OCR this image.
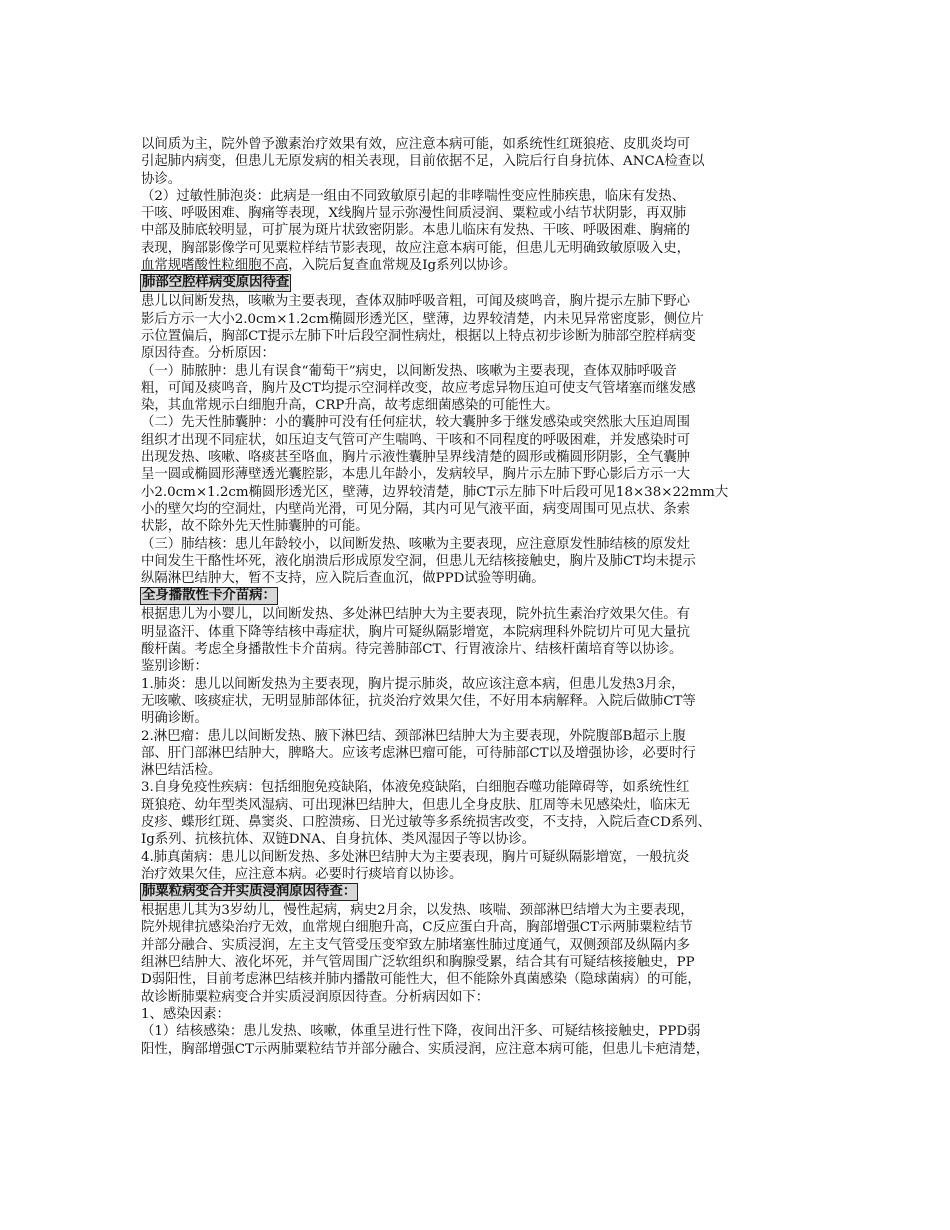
以间质为主，院外曾予激素治疗效果有效，应注意本病可能，如系统性红斑狼疮、皮肌炎均可
引起肺内病变，但患儿无原发病的相关表现，目前依据不足，入院后行自身抗体、ANCA检查以
协诊。
（2）过敏性肺泡炎：此病是一组由不同致敏原引起的非哮喘性变应性肺疾患，临床有发热、
干咳、呼吸困难、胸痛等表现，X线胸片显示弥漫性间质浸润、粟粒或小结节状阴影，再双肺
中部及肺底较明显，可扩展为斑片状致密阴影。本患儿临床有发热、干咳、呼吸困难、胸痛的
表现，胸部影像学可见粟粒样结节影表现，故应注意本病可能，但患儿无明确致敏原吸入史，
血常规嗜酸性粒细胞不高，入院后复查血常规及Ig系列以协诊。
肺部空腔样病变原因待查
患儿以间断发热，咳嗽为主要表现，查体双肺呼吸音粗，可闻及痰鸣音，胸片提示左肺下野心
影后方示一大小2.0cm×1.2cm椭圆形透光区，壁薄，边界较清楚，内未见异常密度影，侧位片
示位置偏后，胸部CT提示左肺下叶后段空洞性病灶，根据以上特点初步诊断为肺部空腔样病变
原因待查。分析原因：
（一）肺脓肿：患儿有误食“葡萄干”病史，以间断发热、咳嗽为主要表现，查体双肺呼吸音
粗，可闻及痰鸣音，胸片及CT均提示空洞样改变，故应考虑异物压迫可使支气管堵塞而继发感
染，其血常规示白细胞升高，CRP升高，故考虑细菌感染的可能性大。
（二）先天性肺囊肿：小的囊肿可没有任何症状，较大囊肿多于继发感染或突然胀大压迫周围
组织才出现不同症状，如压迫支气管可产生喘鸣、干咳和不同程度的呼吸困难，并发感染时可
出现发热、咳嗽、咯痰甚至咯血，胸片示液性囊肿呈界线清楚的圆形或椭圆形阴影，全气囊肿
呈一圆或椭圆形薄壁透光囊腔影，本患儿年龄小，发病较早，胸片示左肺下野心影后方示一大
小2.0cm×1.2cm椭圆形透光区，壁薄，边界较清楚，肺CT示左肺下叶后段可见18×38×22mm大
小的壁欠均的空洞灶，内壁尚光滑，可见分隔，其内可见气液平面，病变周围可见点状、条索
状影，故不除外先天性肺囊肿的可能。
（三）肺结核：患儿年龄较小，以间断发热、咳嗽为主要表现，应注意原发性肺结核的原发灶
中间发生干酪性坏死，液化崩溃后形成原发空洞，但患儿无结核接触史，胸片及肺CT均未提示
纵隔淋巴结肿大，暂不支持，应入院后查血沉，做PPD试验等明确。
全身播散性卡介苗病：
根据患儿为小婴儿，以间断发热、多处淋巴结肿大为主要表现，院外抗生素治疗效果欠佳。有
明显盗汗、体重下降等结核中毒症状，胸片可疑纵隔影增宽，本院病理科外院切片可见大量抗
酸杆菌。考虑全身播散性卡介苗病。待完善肺部CT、行胃液涂片、结核杆菌培育等以协诊。
鉴别诊断：
1.肺炎：患儿以间断发热为主要表现，胸片提示肺炎，故应该注意本病，但患儿发热3月余，
无咳嗽、咳痰症状，无明显肺部体征，抗炎治疗效果欠佳，不好用本病解释。入院后做肺CT等
明确诊断。
2.淋巴瘤：患儿以间断发热、腋下淋巴结、颈部淋巴结肿大为主要表现，外院腹部B超示上腹
部、肝门部淋巴结肿大，脾略大。应该考虑淋巴瘤可能，可待肺部CT以及增强协诊，必要时行
淋巴结活检。
3.自身免疫性疾病：包括细胞免疫缺陷，体液免疫缺陷，白细胞吞噬功能障碍等，如系统性红
斑狼疮、幼年型类风湿病、可出现淋巴结肿大，但患儿全身皮肤、肛周等未见感染灶，临床无
皮疹、蝶形红斑、鼻窦炎、口腔溃疡、日光过敏等多系统损害改变，不支持，入院后查CD系列、
Ig系列、抗核抗体、双链DNA、自身抗体、类风湿因子等以协诊。
4.肺真菌病：患儿以间断发热、多处淋巴结肿大为主要表现，胸片可疑纵隔影增宽，一般抗炎
治疗效果欠佳，应注意本病。必要时行痰培育以协诊。
肺粟粒病变合并实质浸润原因待查：
根据患儿其为3岁幼儿，慢性起病，病史2月余，以发热、咳喘、颈部淋巴结增大为主要表现，
院外规律抗感染治疗无效，血常规白细胞升高，C反应蛋白升高，胸部增强CT示两肺粟粒结节
并部分融合、实质浸润，左主支气管受压变窄致左肺堵塞性肺过度通气，双侧颈部及纵隔内多
组淋巴结肿大、液化坏死，并气管周围广泛软组织和胸腺受累，结合其有可疑结核接触史，PP
D弱阳性，目前考虑淋巴结核并肺内播散可能性大，但不能除外真菌感染（隐球菌病）的可能，
故诊断肺粟粒病变合并实质浸润原因待查。分析病因如下：
1、感染因素：
（1）结核感染：患儿发热、咳嗽，体重呈进行性下降，夜间出汗多、可疑结核接触史，PPD弱
阳性，胸部增强CT示两肺粟粒结节并部分融合、实质浸润，应注意本病可能，但患儿卡疤清楚，
